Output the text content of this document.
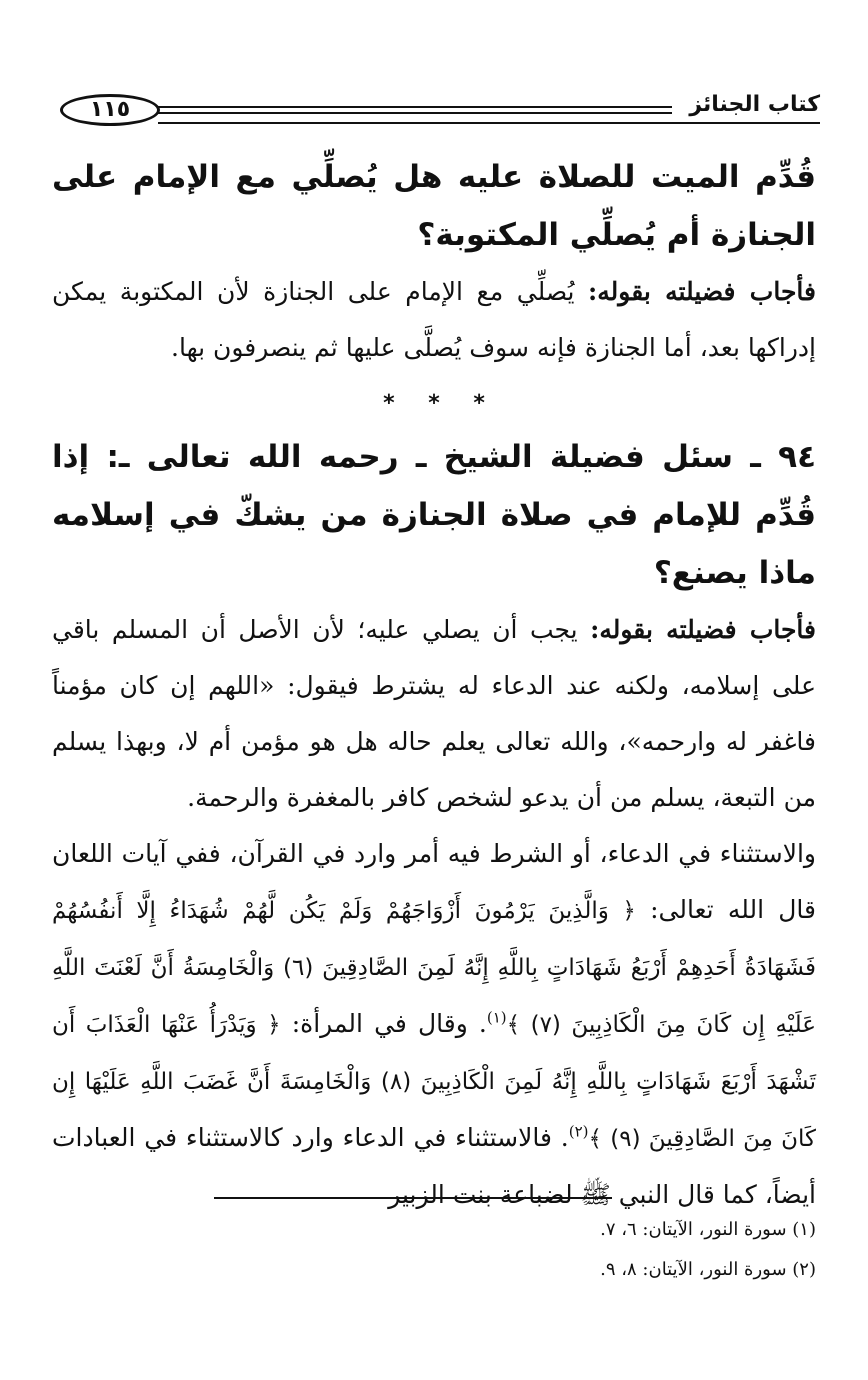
١١٥	كتاب الجنائز

قُدِّم الميت للصلاة عليه هل يُصلِّي مع الإمام على الجنازة أم يُصلِّي المكتوبة؟

فأجاب فضيلته بقوله: يُصلِّي مع الإمام على الجنازة لأن المكتوبة يمكن إدراكها بعد، أما الجنازة فإنه سوف يُصلَّى عليها ثم ينصرفون بها.

* * *

٩٤ ـ سئل فضيلة الشيخ ـ رحمه الله تعالى ـ: إذا قُدِّم للإمام في صلاة الجنازة من يشكّ في إسلامه ماذا يصنع؟

فأجاب فضيلته بقوله: يجب أن يصلي عليه؛ لأن الأصل أن المسلم باقي على إسلامه، ولكنه عند الدعاء له يشترط فيقول: «اللهم إن كان مؤمناً فاغفر له وارحمه»، والله تعالى يعلم حاله هل هو مؤمن أم لا، وبهذا يسلم من التبعة، يسلم من أن يدعو لشخص كافر بالمغفرة والرحمة.

والاستثناء في الدعاء، أو الشرط فيه أمر وارد في القرآن، ففي آيات اللعان قال الله تعالى: ﴿ وَالَّذِينَ يَرْمُونَ أَزْوَاجَهُمْ وَلَمْ يَكُن لَّهُمْ شُهَدَاءُ إِلَّا أَنفُسُهُمْ فَشَهَادَةُ أَحَدِهِمْ أَرْبَعُ شَهَادَاتٍ بِاللَّهِ إِنَّهُ لَمِنَ الصَّادِقِينَ (٦) وَالْخَامِسَةُ أَنَّ لَعْنَتَ اللَّهِ عَلَيْهِ إِن كَانَ مِنَ الْكَاذِبِينَ (٧) ﴾$^{(١)}$. وقال في المرأة: ﴿ وَيَدْرَأُ عَنْهَا الْعَذَابَ أَن تَشْهَدَ أَرْبَعَ شَهَادَاتٍ بِاللَّهِ إِنَّهُ لَمِنَ الْكَاذِبِينَ (٨) وَالْخَامِسَةَ أَنَّ غَضَبَ اللَّهِ عَلَيْهَا إِن كَانَ مِنَ الصَّادِقِينَ (٩) ﴾$^{(٢)}$. فالاستثناء في الدعاء وارد كالاستثناء في العبادات أيضاً، كما قال النبي ﷺ لضباعة بنت الزبير

(١) سورة النور، الآيتان: ٦، ٧.

(٢) سورة النور، الآيتان: ٨، ٩.
